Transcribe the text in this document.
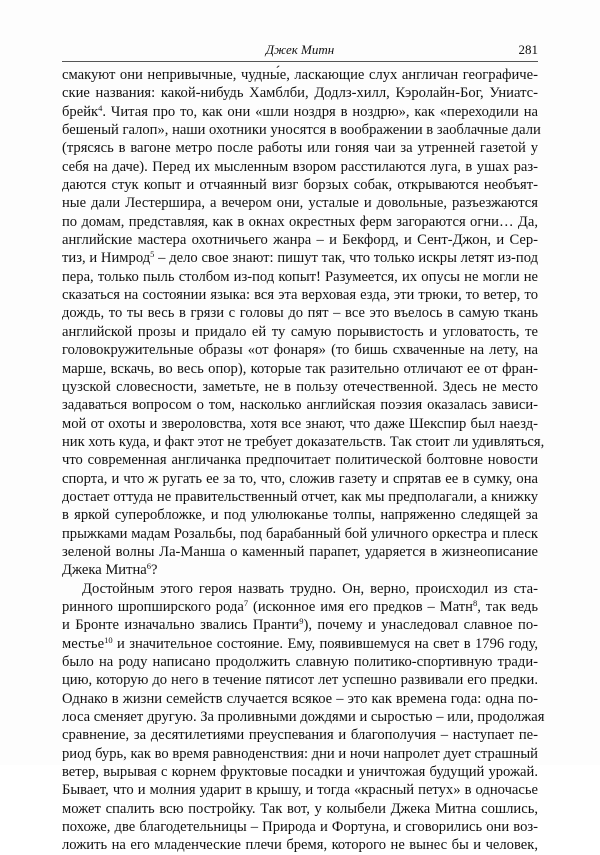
Джек Митн	281
смакуют они непривычные, чудны́е, ласкающие слух англичан географиче-
ские названия: какой-нибудь Хамблби, Додлз-хилл, Кэролайн-Бог, Униатс-
брейк$^4$. Читая про то, как они «шли ноздря в ноздрю», как «переходили на
бешеный галоп», наши охотники уносятся в воображении в заоблачные дали
(трясясь в вагоне метро после работы или гоняя чаи за утренней газетой у
себя на даче). Перед их мысленным взором расстилаются луга, в ушах раз-
даются стук копыт и отчаянный визг борзых собак, открываются необъят-
ные дали Лестершира, а вечером они, усталые и довольные, разъезжаются
по домам, представляя, как в окнах окрестных ферм загораются огни… Да,
английские мастера охотничьего жанра – и Бекфорд, и Сент-Джон, и Сер-
тиз, и Нимрод$^5$ – дело свое знают: пишут так, что только искры летят из-под
пера, только пыль столбом из-под копыт! Разумеется, их опусы не могли не
сказаться на состоянии языка: вся эта верховая езда, эти трюки, то ветер, то
дождь, то ты весь в грязи с головы до пят – все это въелось в самую ткань
английской прозы и придало ей ту самую порывистость и угловатость, те
головокружительные образы «от фонаря» (то бишь схваченные на лету, на
марше, вскачь, во весь опор), которые так разительно отличают ее от фран-
цузской словесности, заметьте, не в пользу отечественной. Здесь не место
задаваться вопросом о том, насколько английская поэзия оказалась зависи-
мой от охоты и звероловства, хотя все знают, что даже Шекспир был наезд-
ник хоть куда, и факт этот не требует доказательств. Так стоит ли удивляться,
что современная англичанка предпочитает политической болтовне новости
спорта, и что ж ругать ее за то, что, сложив газету и спрятав ее в сумку, она
достает оттуда не правительственный отчет, как мы предполагали, а книжку
в яркой суперобложке, и под улюлюканье толпы, напряженно следящей за
прыжками мадам Розальбы, под барабанный бой уличного оркестра и плеск
зеленой волны Ла-Манша о каменный парапет, ударяется в жизнеописание
Джека Митна$^6$?
Достойным этого героя назвать трудно. Он, верно, происходил из ста-
ринного шропширского рода$^7$ (исконное имя его предков – Матн$^8$, так ведь
и Бронте изначально звались Пранти$^9$), почему и унаследовал славное по-
местье$^{10}$ и значительное состояние. Ему, появившемуся на свет в 1796 году,
было на роду написано продолжить славную политико-спортивную тради-
цию, которую до него в течение пятисот лет успешно развивали его предки.
Однако в жизни семейств случается всякое – это как времена года: одна по-
лоса сменяет другую. За проливными дождями и сыростью – или, продолжая
сравнение, за десятилетиями преуспевания и благополучия – наступает пе-
риод бурь, как во время равноденствия: дни и ночи напролет дует страшный
ветер, вырывая с корнем фруктовые посадки и уничтожая будущий урожай.
Бывает, что и молния ударит в крышу, и тогда «красный петух» в одночасье
может спалить всю постройку. Так вот, у колыбели Джека Митна сошлись,
похоже, две благодетельницы – Природа и Фортуна, и сговорились они воз-
ложить на его младенческие плечи бремя, которого не вынес бы и человек,
